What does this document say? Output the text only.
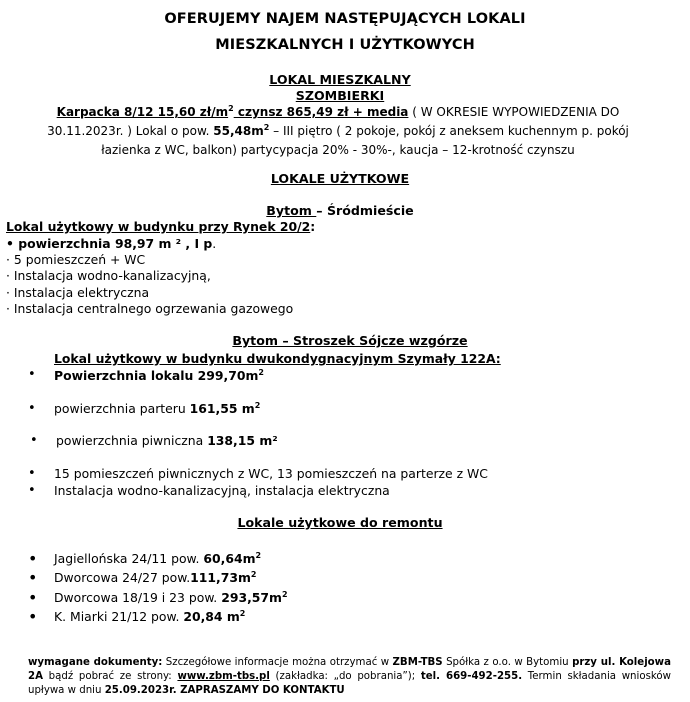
OFERUJEMY NAJEM NASTĘPUJĄCYCH LOKALI
MIESZKALNYCH I UŻYTKOWYCH
LOKAL MIESZKALNY
SZOMBIERKI
Karpacka 8/12 15,60 $zł/m^2$ czynsz 865,49 zł + media ( W OKRESIE WYPOWIEDZENIA DO
30.11.2023r. ) Lokal o pow. $55,48m^2$ – III piętro ( 2 pokoje, pokój z aneksem kuchennym p. pokój
łazienka z WC, balkon) partycypacja 20% - 30%-, kaucja – 12-krotność czynszu
LOKALE UŻYTKOWE
Bytom – Śródmieście
Lokal użytkowy w budynku przy Rynek 20/2:
• powierzchnia 98,97 m ² , I p.
· 5 pomieszczeń + WC
· Instalacja wodno-kanalizacyjną,
· Instalacja elektryczna
· Instalacja centralnego ogrzewania gazowego
Bytom – Stroszek Sójcze wzgórze
Lokal użytkowy w budynku dwukondygnacyjnym Szymały 122A:
• Powierzchnia lokalu $299,70m^2$
• powierzchnia parteru 161,55 $m^2$
• powierzchnia piwniczna 138,15 m²
• 15 pomieszczeń piwnicznych z WC, 13 pomieszczeń na parterze z WC
• Instalacja wodno-kanalizacyjną, instalacja elektryczna
Lokale użytkowe do remontu
• Jagiellońska 24/11 pow. $60,64m^2$
• Dworcowa 24/27 $pow.111,73m^2$
• Dworcowa 18/19 i 23 pow. $293,57m^2$
• K. Miarki 21/12 pow. 20,84 $m^2$
wymagane dokumenty: Szczegółowe informacje można otrzymać w ZBM-TBS Spółka z o.o. w Bytomiu przy ul. Kolejowa 2A bądź pobrać ze strony: www.zbm-tbs.pl (zakładka: „do pobrania”); tel. 669-492-255. Termin składania wniosków upływa w dniu 25.09.2023r. ZAPRASZAMY DO KONTAKTU
